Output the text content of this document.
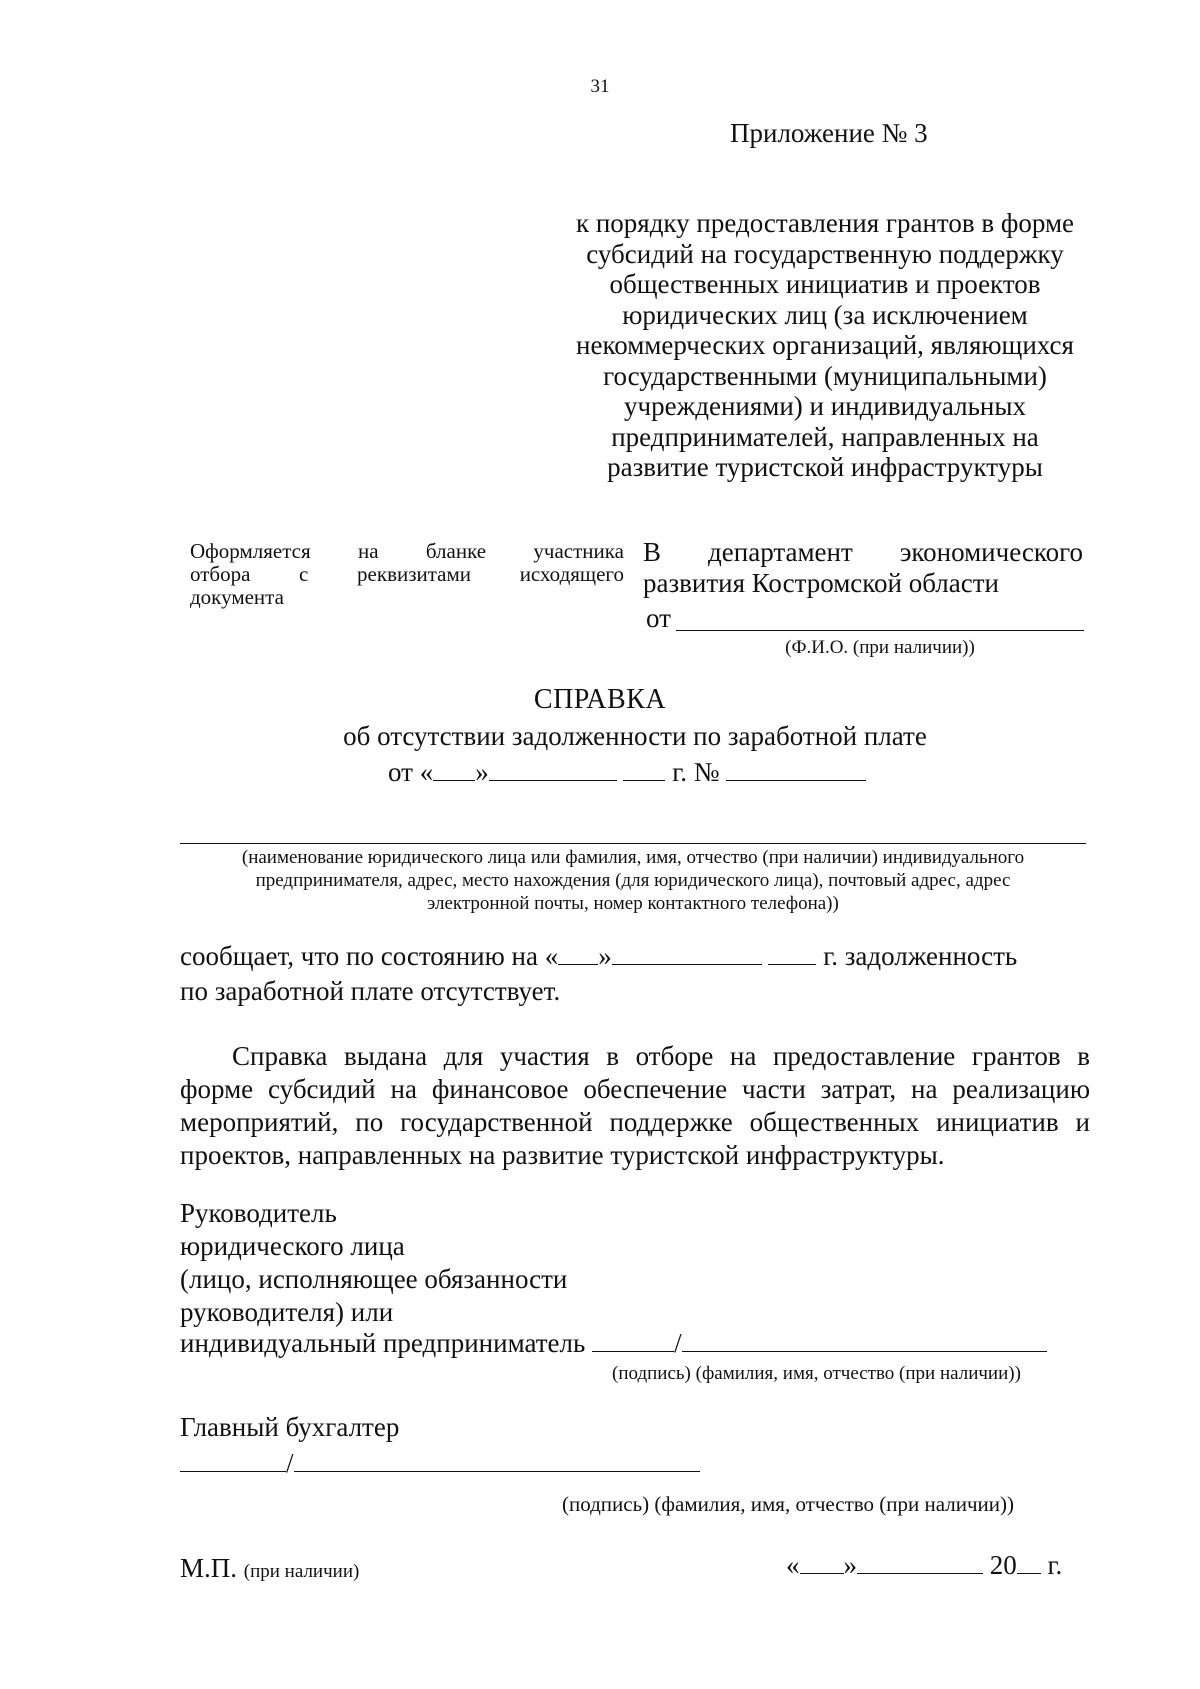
31
Приложение № 3
к порядку предоставления грантов в форме
субсидий на государственную поддержку
общественных инициатив и проектов
юридических лиц (за исключением
некоммерческих организаций, являющихся
государственными (муниципальными)
учреждениями) и индивидуальных
предпринимателей, направленных на
развитие туристской инфраструктуры
Оформляется на бланке участника
отбора с реквизитами исходящего
документа
В департамент экономического
развития Костромской области
от
(Ф.И.О. (при наличии))
СПРАВКА
об отсутствии задолженности по заработной плате
от « »	г. №
(наименование юридического лица или фамилия, имя, отчество (при наличии) индивидуального
предпринимателя, адрес, место нахождения (для юридического лица), почтовый адрес, адрес
электронной почты, номер контактного телефона))
сообщает, что по состоянию на « »	г. задолженность
по заработной плате отсутствует.
Справка выдана для участия в отборе на предоставление грантов в
форме субсидий на финансовое обеспечение части затрат, на реализацию
мероприятий, по государственной поддержке общественных инициатив и
проектов, направленных на развитие туристской инфраструктуры.
Руководитель
юридического лица
(лицо, исполняющее обязанности
руководителя) или
индивидуальный предприниматель	/
(подпись) (фамилия, имя, отчество (при наличии))
Главный бухгалтер
/
(подпись) (фамилия, имя, отчество (при наличии))
М.П. (при наличии)	« »	20 г.
